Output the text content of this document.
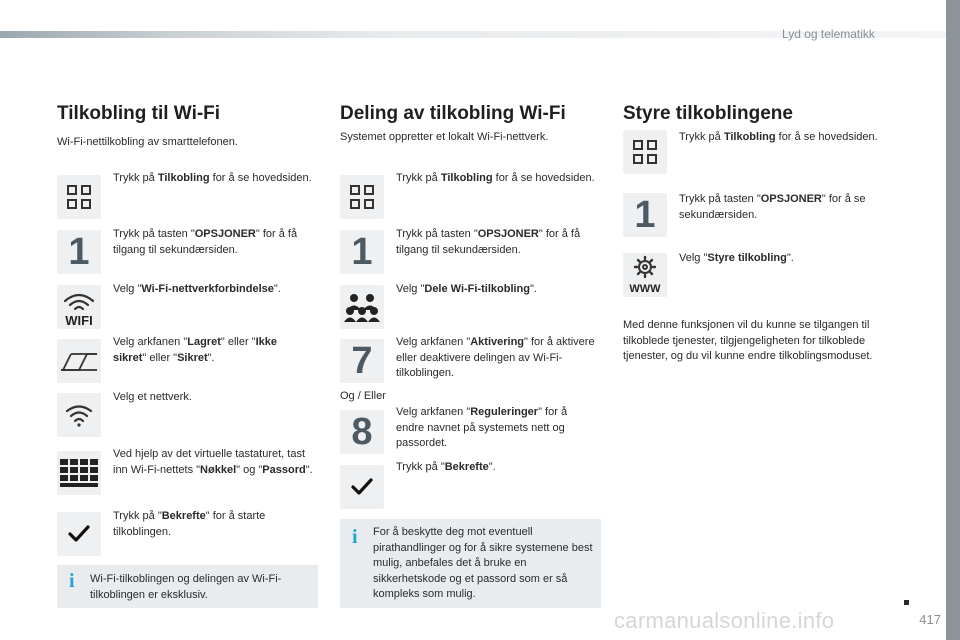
Lyd og telematikk
Tilkobling til Wi-Fi
Wi-Fi-nettilkobling av smarttelefonen.
Trykk på Tilkobling for å se hovedsiden.
1 Trykk på tasten "OPSJONER" for å få tilgang til sekundærsiden.
WIFI
Velg "Wi-Fi-nettverkforbindelse".
Velg arkfanen "Lagret" eller "Ikke sikret" eller "Sikret".
Velg et nettverk.
Ved hjelp av det virtuelle tastaturet, tast inn Wi-Fi-nettets "Nøkkel" og "Passord".
Trykk på "Bekrefte" for å starte tilkoblingen.
Wi-Fi-tilkoblingen og delingen av Wi-Fi-tilkoblingen er eksklusiv.
i
Deling av tilkobling Wi-Fi
Systemet oppretter et lokalt Wi-Fi-nettverk.
Trykk på Tilkobling for å se hovedsiden.
1 Trykk på tasten "OPSJONER" for å få tilgang til sekundærsiden.
Velg "Dele Wi-Fi-tilkobling".
7 Velg arkfanen "Aktivering" for å aktivere eller deaktivere delingen av Wi-Fi-tilkoblingen.
Og / Eller
8 Velg arkfanen "Reguleringer" for å endre navnet på systemets nett og passordet.
Trykk på "Bekrefte".
For å beskytte deg mot eventuell pirathandlinger og for å sikre systemene best mulig, anbefales det å bruke en sikkerhetskode og et passord som er så kompleks som mulig.
i
Styre tilkoblingene
Trykk på Tilkobling for å se hovedsiden.
1 Trykk på tasten "OPSJONER" for å se sekundærsiden.
WWW
Velg "Styre tilkobling".
Med denne funksjonen vil du kunne se tilgangen til tilkoblede tjenester, tilgjengeligheten for tilkoblede tjenester, og du vil kunne endre tilkoblingsmoduset.
carmanualsonline.info	417
